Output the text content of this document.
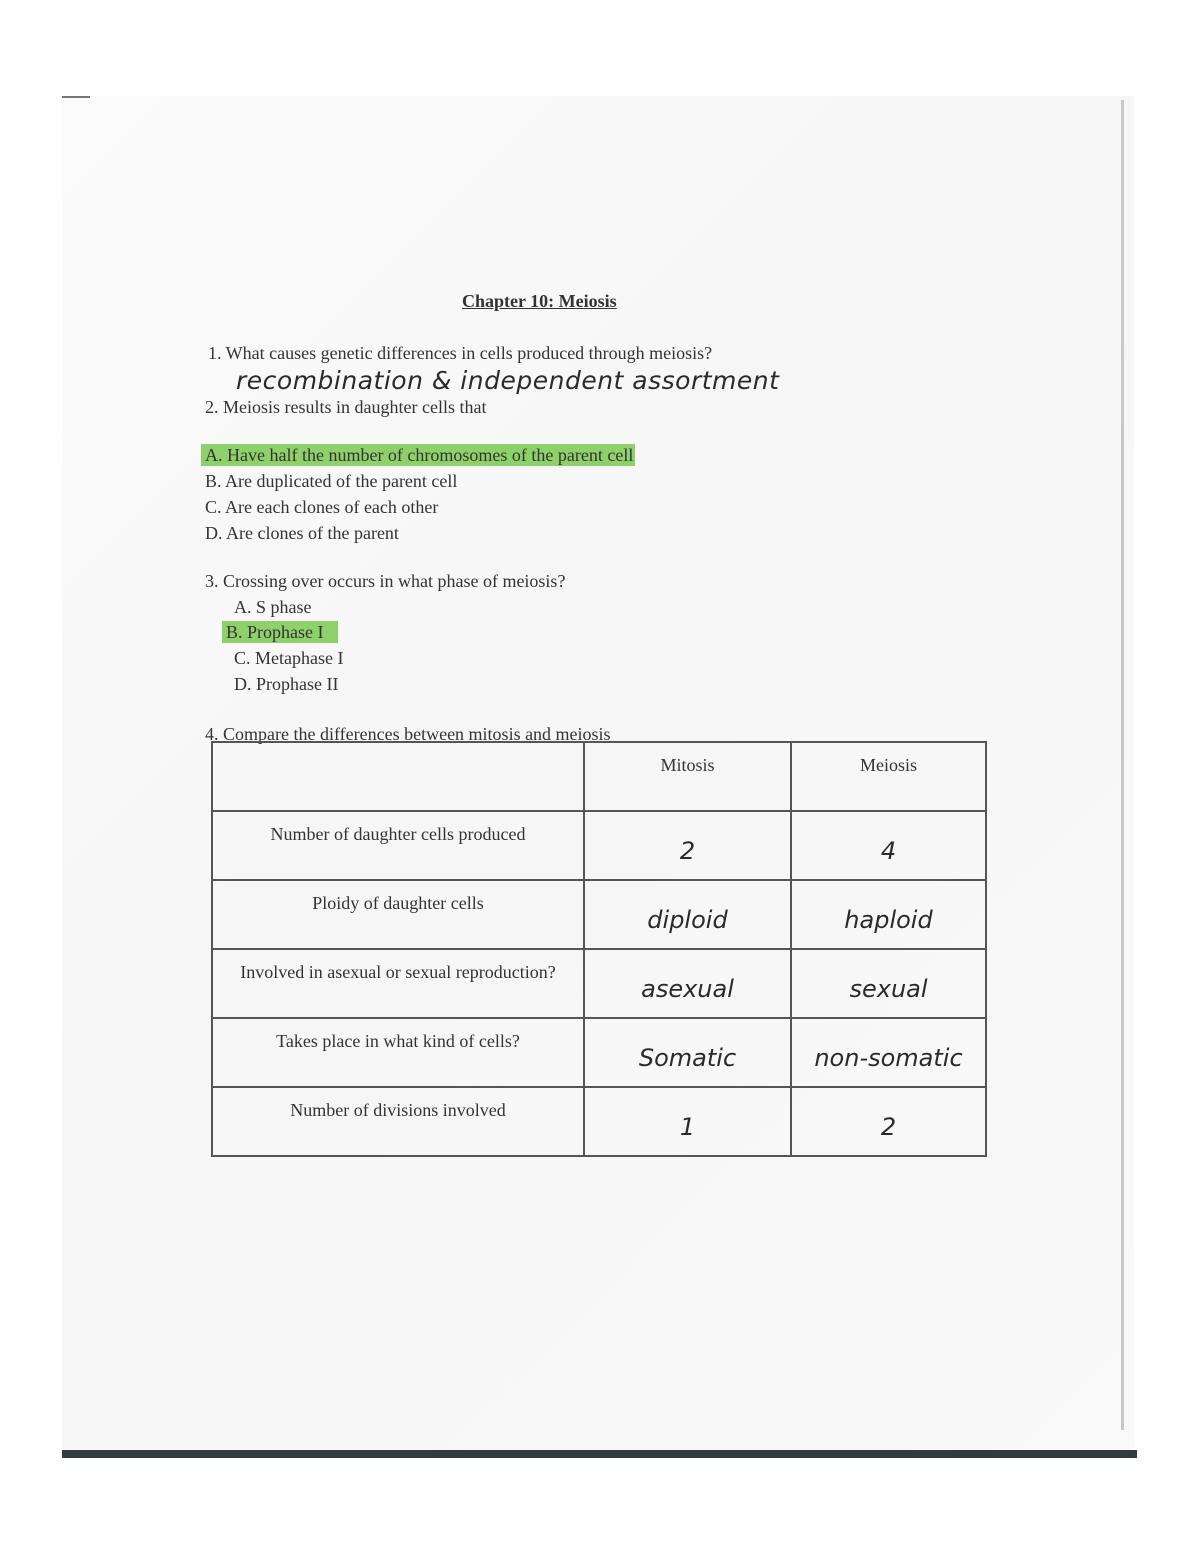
Chapter 10: Meiosis
1. What causes genetic differences in cells produced through meiosis?
recombination & independent assortment
2. Meiosis results in daughter cells that
A. Have half the number of chromosomes of the parent cell
B. Are duplicated of the parent cell
C. Are each clones of each other
D. Are clones of the parent
3. Crossing over occurs in what phase of meiosis?
A. S phase
B. Prophase I
C. Metaphase I
D. Prophase II
4. Compare the differences between mitosis and meiosis
	Mitosis	Meiosis
Number of daughter cells produced	2	4
Ploidy of daughter cells	diploid	haploid
Involved in asexual or sexual reproduction?	asexual	sexual
Takes place in what kind of cells?	Somatic	non-somatic
Number of divisions involved	1	2
